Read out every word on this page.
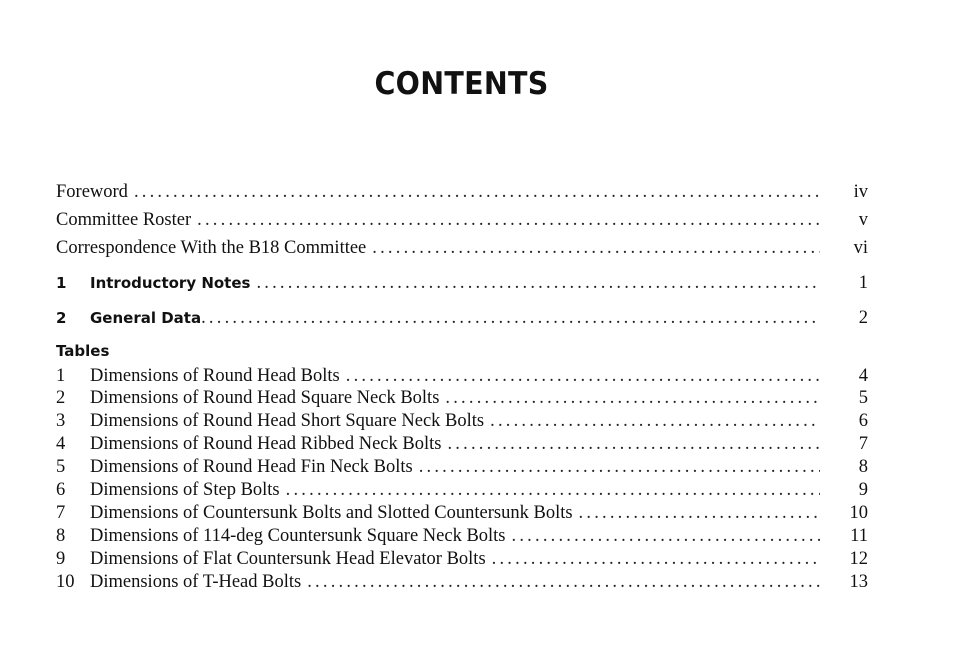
CONTENTS
Foreword .....	iv
Committee Roster .....	v
Correspondence With the B18 Committee .....	vi
1	Introductory Notes .....	1
2	General Data .....	2
Tables
1	Dimensions of Round Head Bolts .....	4
2	Dimensions of Round Head Square Neck Bolts .....	5
3	Dimensions of Round Head Short Square Neck Bolts .....	6
4	Dimensions of Round Head Ribbed Neck Bolts .....	7
5	Dimensions of Round Head Fin Neck Bolts .....	8
6	Dimensions of Step Bolts .....	9
7	Dimensions of Countersunk Bolts and Slotted Countersunk Bolts .....	10
8	Dimensions of 114-deg Countersunk Square Neck Bolts .....	11
9	Dimensions of Flat Countersunk Head Elevator Bolts .....	12
10 Dimensions of T-Head Bolts .....	13
